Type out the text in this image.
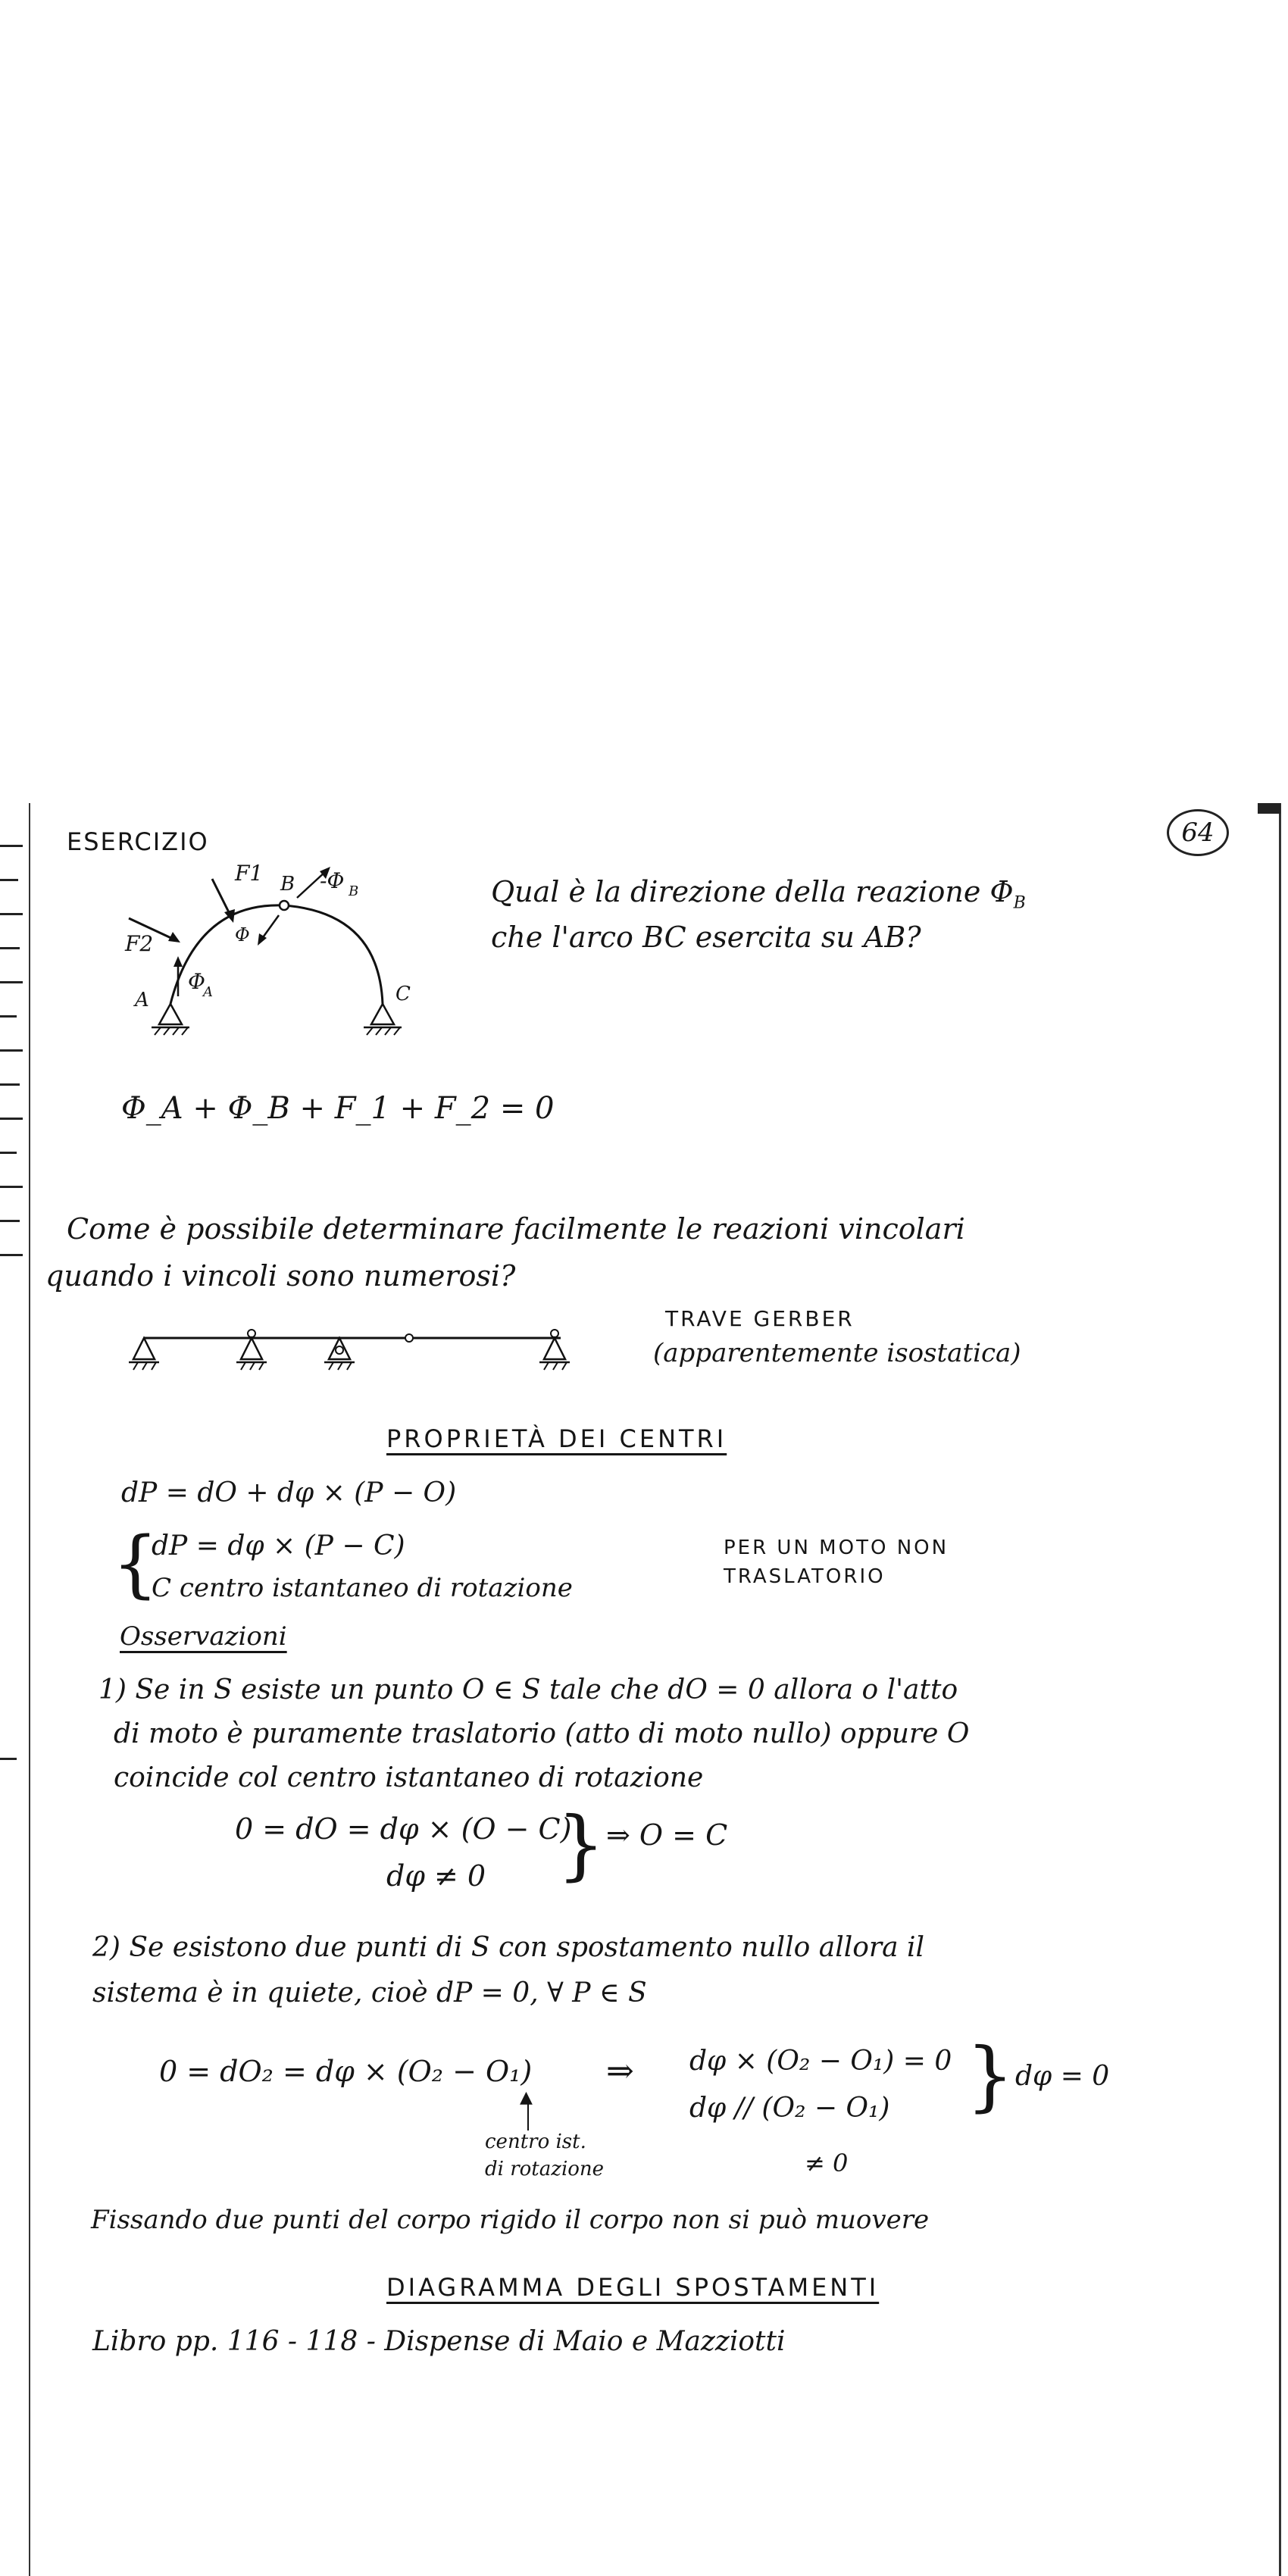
64
ESERCIZIO
F1
F2
A
B
C
Φ
A
-Φ B
Φ
Qual è la direzione della reazione $\Phi_B$
che l'arco BC esercita su AB?
Φ_A + Φ_B + F_1 + F_2 = 0
Come è possibile determinare facilmente le reazioni vincolari
quando i vincoli sono numerosi?
TRAVE GERBER
(apparentemente isostatica)
PROPRIETÀ DEI CENTRI
dP = dO + dφ × (P − O)
{
dP = dφ × (P − C)
C centro istantaneo di rotazione
PER UN MOTO NON
TRASLATORIO
Osservazioni
1) Se in S esiste un punto O ∈ S tale che dO = 0 allora o l'atto
di moto è puramente traslatorio (atto di moto nullo) oppure O
coincide col centro istantaneo di rotazione
0 = dO = dφ × (O − C)
dφ ≠ 0 } ⇒ O = C
2) Se esistono due punti di S con spostamento nullo allora il
sistema è in quiete, cioè dP = 0, ∀ P ∈ S
0 = dO₂ = dφ × (O₂ − O₁) ⇒ dφ × (O₂ − O₁) = 0
dφ // (O₂ − O₁)
≠ 0
} dφ = 0
▲
centro ist.
di rotazione
Fissando due punti del corpo rigido il corpo non si può muovere
DIAGRAMMA DEGLI SPOSTAMENTI
Libro pp. 116 - 118 - Dispense di Maio e Mazziotti
